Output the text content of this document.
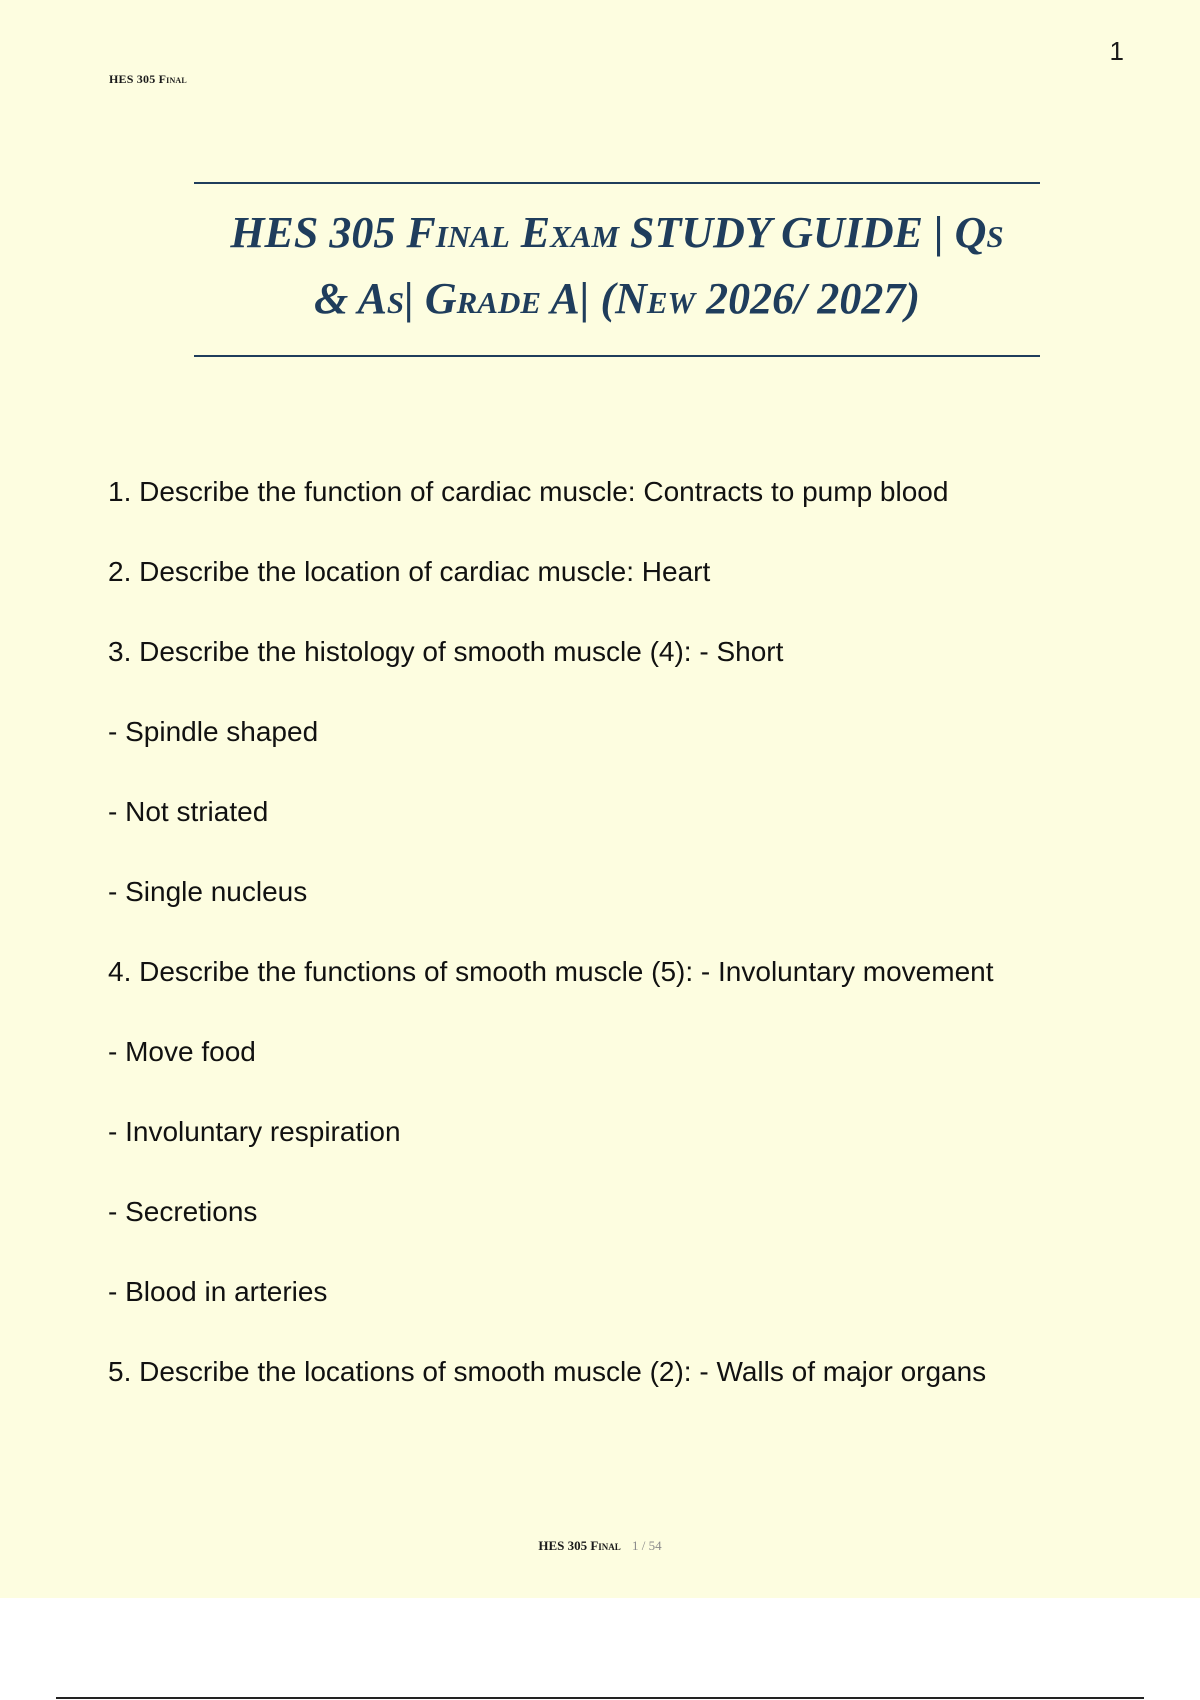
1
HES 305 Final
HES 305 Final Exam STUDY GUIDE | Qs
& As| Grade A| (New 2026/ 2027)
1. Describe the function of cardiac muscle: Contracts to pump blood
2. Describe the location of cardiac muscle: Heart
3. Describe the histology of smooth muscle (4): - Short
- Spindle shaped
- Not striated
- Single nucleus
4. Describe the functions of smooth muscle (5): - Involuntary movement
- Move food
- Involuntary respiration
- Secretions
- Blood in arteries
5. Describe the locations of smooth muscle (2): - Walls of major organs
HES 305 Final 1 / 54
